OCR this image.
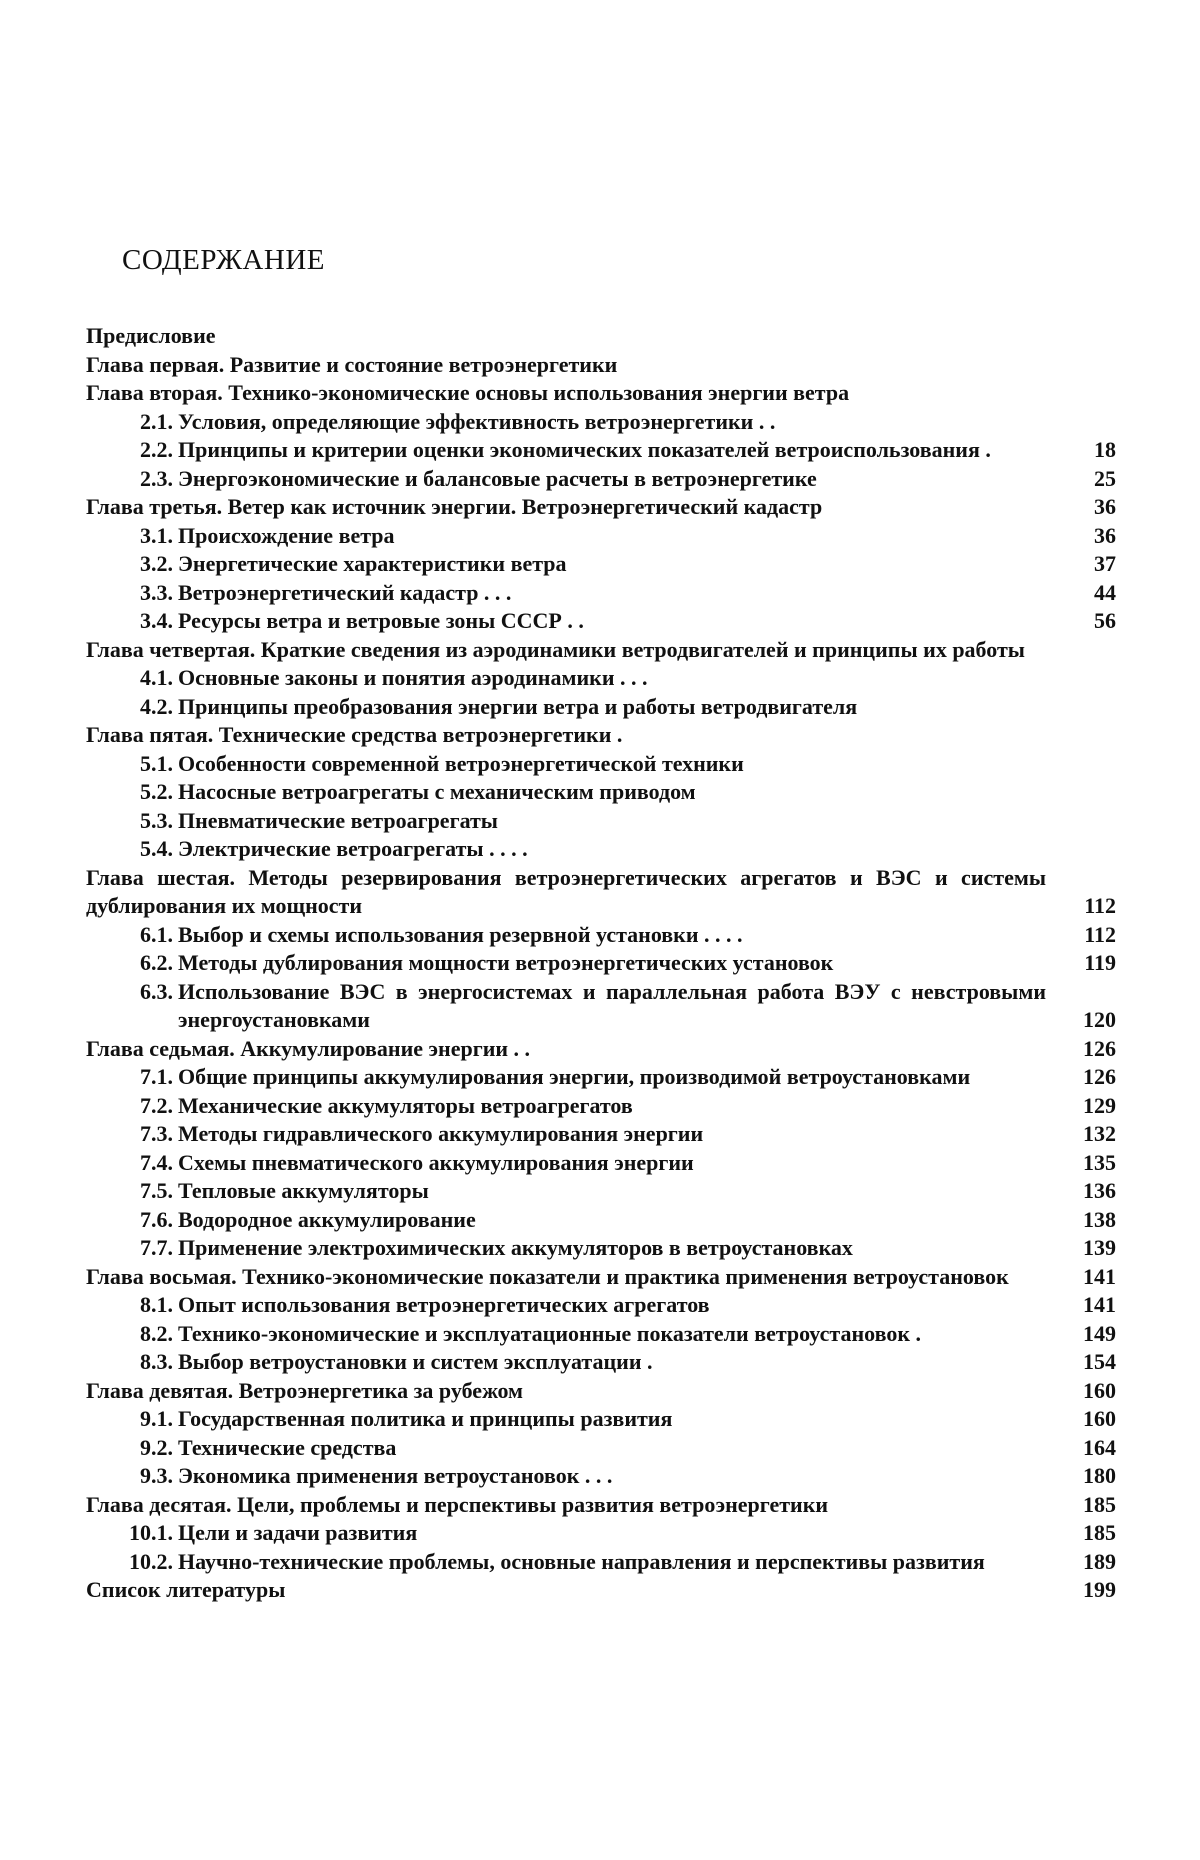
СОДЕРЖАНИЕ
Предисловие
Глава первая. Развитие и состояние ветроэнергетики
Глава вторая. Технико-экономические основы использования энергии ветра
2.1. Условия, определяющие эффективность ветроэнергетики . .
2.2. Принципы и критерии оценки экономических показателей ветроиспользования .	18
2.3. Энергоэкономические и балансовые расчеты в ветроэнергетике	25
Глава третья. Ветер как источник энергии. Ветроэнергетический кадастр	36
3.1. Происхождение ветра	36
3.2. Энергетические характеристики ветра	37
3.3. Ветроэнергетический кадастр . . .	44
3.4. Ресурсы ветра и ветровые зоны СССР . .	56
Глава четвертая. Краткие сведения из аэродинамики ветродвигателей и принципы их работы
4.1. Основные законы и понятия аэродинамики . . .
4.2. Принципы преобразования энергии ветра и работы ветродвигателя
Глава пятая. Технические средства ветроэнергетики .
5.1. Особенности современной ветроэнергетической техники
5.2. Насосные ветроагрегаты с механическим приводом
5.3. Пневматические ветроагрегаты
5.4. Электрические ветроагрегаты . . . .
Глава шестая. Методы резервирования ветроэнергетических агрегатов и ВЭС и системы дублирования их мощности	112
6.1. Выбор и схемы использования резервной установки . . . .	112
6.2. Методы дублирования мощности ветроэнергетических установок	119
6.3. Использование ВЭС в энергосистемах и параллельная работа ВЭУ с невстровыми энергоустановками	120
Глава седьмая. Аккумулирование энергии . .	126
7.1. Общие принципы аккумулирования энергии, производимой ветроустановками	126
7.2. Механические аккумуляторы ветроагрегатов	129
7.3. Методы гидравлического аккумулирования энергии	132
7.4. Схемы пневматического аккумулирования энергии	135
7.5. Тепловые аккумуляторы	136
7.6. Водородное аккумулирование	138
7.7. Применение электрохимических аккумуляторов в ветроустановках	139
Глава восьмая. Технико-экономические показатели и практика применения ветроустановок	141
8.1. Опыт использования ветроэнергетических агрегатов	141
8.2. Технико-экономические и эксплуатационные показатели ветроустановок .	149
8.3. Выбор ветроустановки и систем эксплуатации .	154
Глава девятая. Ветроэнергетика за рубежом	160
9.1. Государственная политика и принципы развития	160
9.2. Технические средства	164
9.3. Экономика применения ветроустановок . . .	180
Глава десятая. Цели, проблемы и перспективы развития ветроэнергетики	185
10.1. Цели и задачи развития	185
10.2. Научно-технические проблемы, основные направления и перспективы развития	189
Список литературы	199
